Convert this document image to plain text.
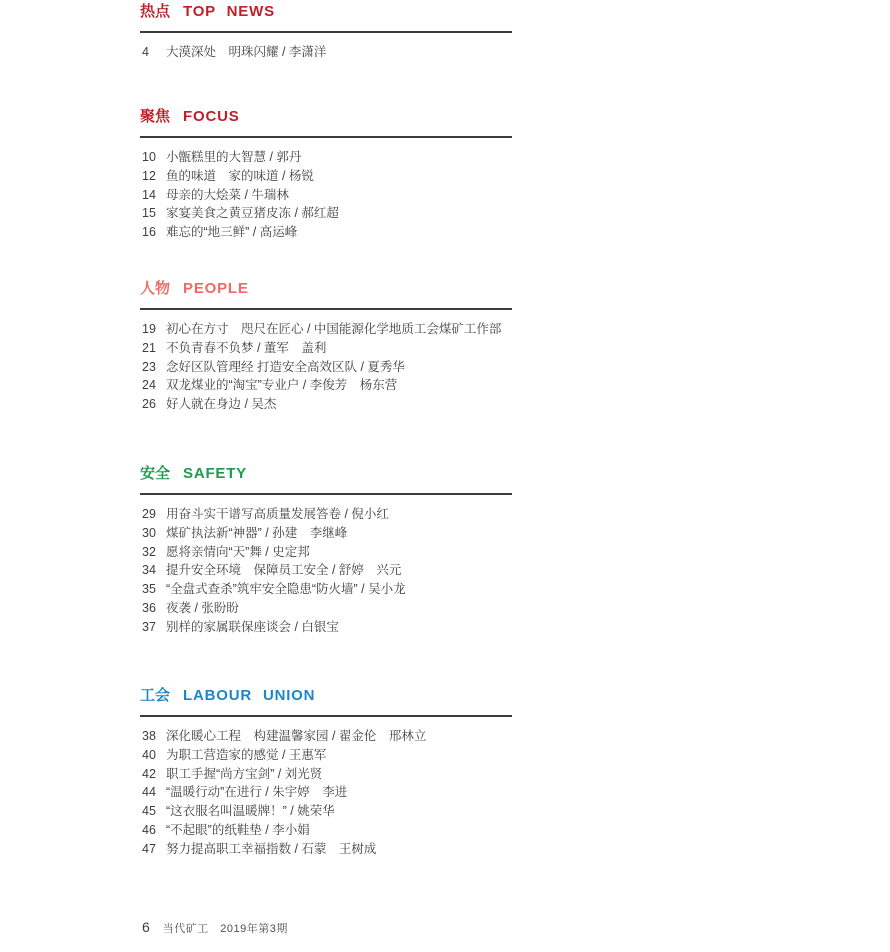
热点 TOP NEWS
4	大漠深处　明珠闪耀 / 李潇洋
聚焦 FOCUS
10 小甑糕里的大智慧 / 郭丹
12 鱼的味道　家的味道 / 杨锐
14 母亲的大烩菜 / 牛瑞林
15 家宴美食之黄豆猪皮冻 / 郝红超
16 难忘的“地三鲜” / 高运峰
人物 PEOPLE
19 初心在方寸　咫尺在匠心 / 中国能源化学地质工会煤矿工作部
21 不负青春不负梦 / 董军　盖利
23 念好区队管理经 打造安全高效区队 / 夏秀华
24 双龙煤业的“淘宝”专业户 / 李俊芳　杨东营
26 好人就在身边 / 吴杰
安全 SAFETY
29 用奋斗实干谱写高质量发展答卷 / 倪小红
30 煤矿执法新“神器” / 孙建　李继峰
32 愿将亲情向“天”舞 / 史定邦
34 提升安全环境　保障员工安全 / 舒婷　兴元
35 “全盘式查杀”筑牢安全隐患“防火墙” / 吴小龙
36 夜袭 / 张盼盼
37 别样的家属联保座谈会 / 白银宝
工会 LABOUR UNION
38 深化暖心工程　构建温馨家园 / 翟金伦　邢林立
40 为职工营造家的感觉 / 王惠军
42 职工手握“尚方宝剑” / 刘光贤
44 “温暖行动”在进行 / 朱宇婷　李进
45 “这衣服名叫温暖牌！” / 姚荣华
46 “不起眼”的纸鞋垫 / 李小娟
47 努力提高职工幸福指数 / 石蒙　王树成
6 当代矿工　2019年第3期
